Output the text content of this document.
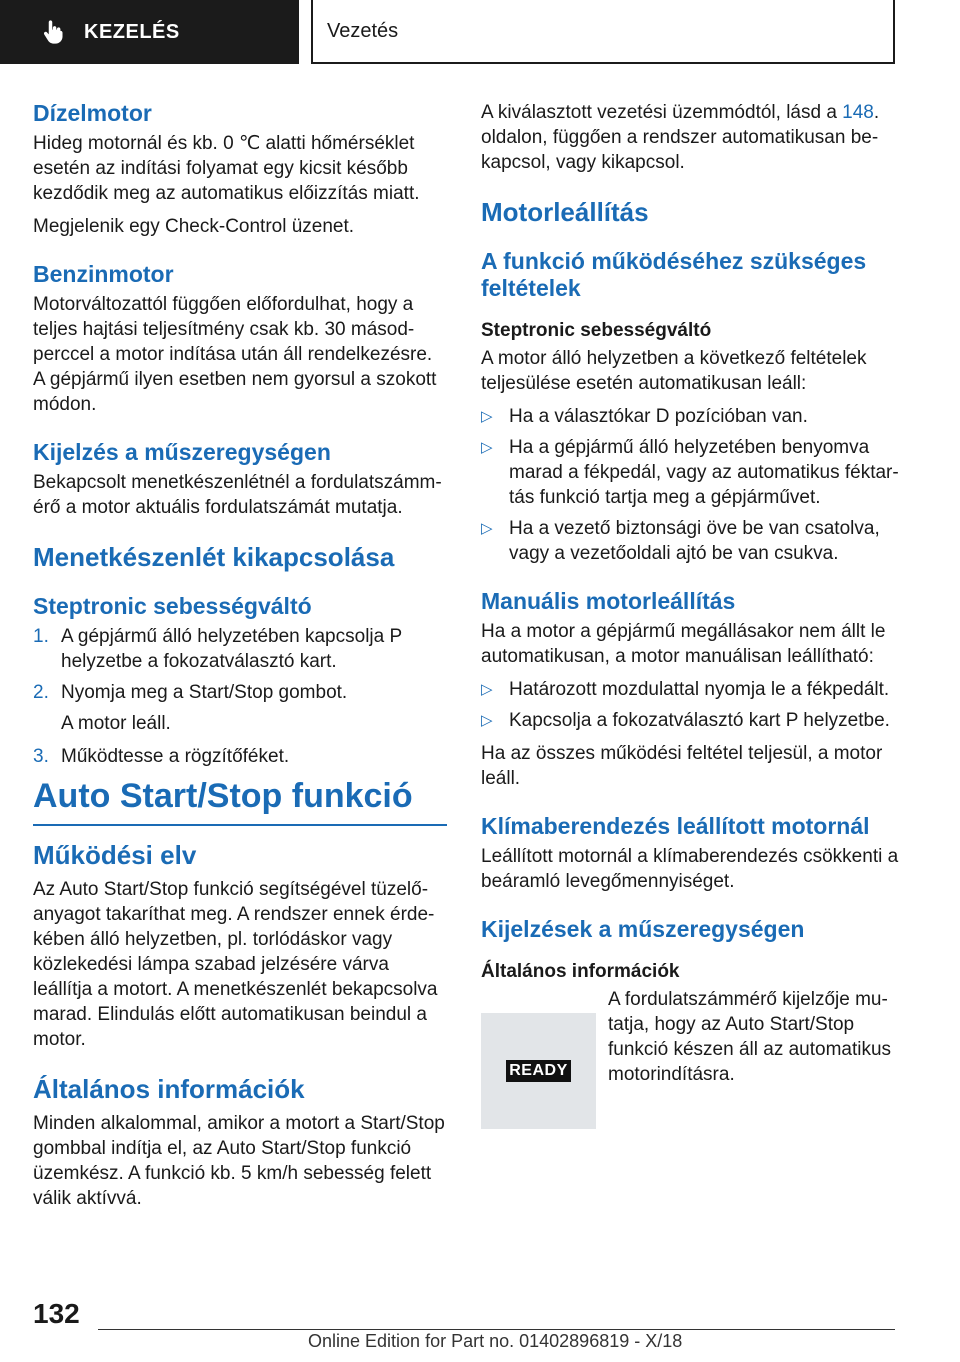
KEZELÉS	Vezetés
Dízelmotor

Hideg motornál és kb. 0 ℃ alatti hőmérséklet esetén az indítási folyamat egy kicsit később kezdődik meg az automatikus előizzítás miatt.

Megjelenik egy Check-Control üzenet.

Benzinmotor

Motorváltozattól függően előfordulhat, hogy a teljes hajtási teljesítmény csak kb. 30 másodperccel a motor indítása után áll rendelkezésre. A gépjármű ilyen esetben nem gyorsul a szokott módon.

Kijelzés a műszeregységen

Bekapcsolt menetkészenlétnél a fordulatszámmérő a motor aktuális fordulatszámát mutatja.

Menetkészenlét kikapcsolása
Steptronic sebességváltó
1. A gépjármű álló helyzetében kapcsolja P helyzetbe a fokozatválasztó kart.
2. Nyomja meg a Start/Stop gombot.
A motor leáll.
3. Működtesse a rögzítőféket.
Auto Start/Stop funkció
Működési elv

Az Auto Start/Stop funkció segítségével tüzelőanyagot takaríthat meg. A rendszer ennek érdekében álló helyzetben, pl. torlódáskor vagy közlekedési lámpa szabad jelzésére várva leállítja a motort. A menetkészenlét bekapcsolva marad. Elindulás előtt automatikusan beindul a motor.

Általános információk

Minden alkalommal, amikor a motort a Start/Stop gombbal indítja el, az Auto Start/Stop funkció üzemkész. A funkció kb. 5 km/h sebesség felett válik aktívvá.

A kiválasztott vezetési üzemmódtól, lásd a 148. oldalon, függően a rendszer automatikusan bekapcsol, vagy kikapcsol.

Motorleállítás
A funkció működéséhez szükséges feltételek
Steptronic sebességváltó

A motor álló helyzetben a következő feltételek teljesülése esetén automatikusan leáll:

▷ Ha a választókar D pozícióban van.
▷ Ha a gépjármű álló helyzetében benyomva marad a fékpedál, vagy az automatikus féktartás funkció tartja meg a gépjárművet.
▷ Ha a vezető biztonsági öve be van csatolva, vagy a vezetőoldali ajtó be van csukva.
Manuális motorleállítás

Ha a motor a gépjármű megállásakor nem állt le automatikusan, a motor manuálisan leállítható:

▷ Határozott mozdulattal nyomja le a fékpedált.
▷ Kapcsolja a fokozatválasztó kart P helyzetbe.

Ha az összes működési feltétel teljesül, a motor leáll.

Klímaberendezés leállított motornál

Leállított motornál a klímaberendezés csökkenti a beáramló levegőmennyiséget.

Kijelzések a műszeregységen
Általános információk
READY

A fordulatszámmérő kijelzője mutatja, hogy az Auto Start/Stop funkció készen áll az automatikus motorindításra.

132
Online Edition for Part no. 01402896819 - X/18
